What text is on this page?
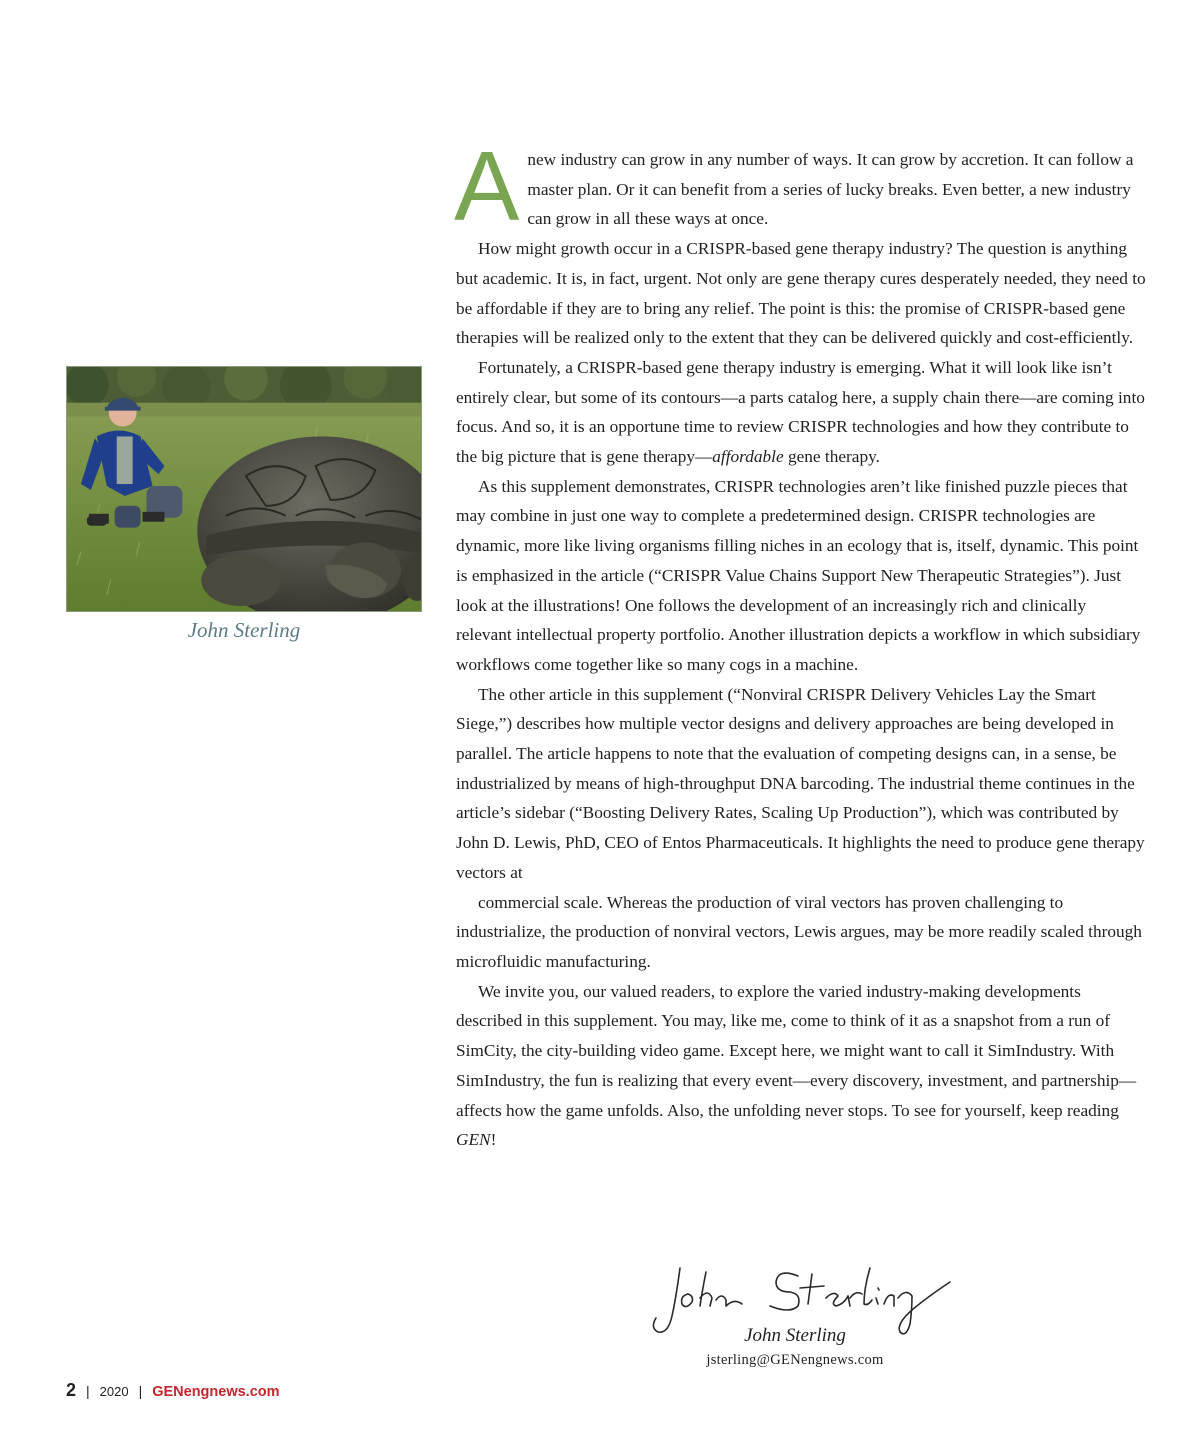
John Sterling

Anew industry can grow in any number of ways. It can grow by accretion. It can follow a master plan. Or it can benefit from a series of lucky breaks. Even better, a new industry can grow in all these ways at once.

How might growth occur in a CRISPR-based gene therapy industry? The question is anything but academic. It is, in fact, urgent. Not only are gene therapy cures desperately needed, they need to be affordable if they are to bring any relief. The point is this: the promise of CRISPR-based gene therapies will be realized only to the extent that they can be delivered quickly and cost-efficiently.

Fortunately, a CRISPR-based gene therapy industry is emerging. What it will look like isn’t entirely clear, but some of its contours—a parts catalog here, a supply chain there—are coming into focus. And so, it is an opportune time to review CRISPR technologies and how they contribute to the big picture that is gene therapy—affordable gene therapy.

As this supplement demonstrates, CRISPR technologies aren’t like finished puzzle pieces that may combine in just one way to complete a predetermined design. CRISPR technologies are dynamic, more like living organisms filling niches in an ecology that is, itself, dynamic. This point is emphasized in the article (“CRISPR Value Chains Support New Therapeutic Strategies”). Just look at the illustrations! One follows the development of an increasingly rich and clinically relevant intellectual property portfolio. Another illustration depicts a workflow in which subsidiary workflows come together like so many cogs in a machine.

The other article in this supplement (“Nonviral CRISPR Delivery Vehicles Lay the Smart Siege,”) describes how multiple vector designs and delivery approaches are being developed in parallel. The article happens to note that the evaluation of competing designs can, in a sense, be industrialized by means of high-throughput DNA barcoding. The industrial theme continues in the article’s sidebar (“Boosting Delivery Rates, Scaling Up Production”), which was contributed by John D. Lewis, PhD, CEO of Entos Pharmaceuticals. It highlights the need to produce gene therapy vectors at

commercial scale. Whereas the production of viral vectors has proven challenging to industrialize, the production of nonviral vectors, Lewis argues, may be more readily scaled through microfluidic manufacturing.

We invite you, our valued readers, to explore the varied industry-making developments described in this supplement. You may, like me, come to think of it as a snapshot from a run of SimCity, the city-building video game. Except here, we might want to call it SimIndustry. With SimIndustry, the fun is realizing that every event—every discovery, investment, and partnership—affects how the game unfolds. Also, the unfolding never stops. To see for yourself, keep reading GEN!

John Sterling
jsterling@GENengnews.com
2 | 2020 | GENengnews.com
